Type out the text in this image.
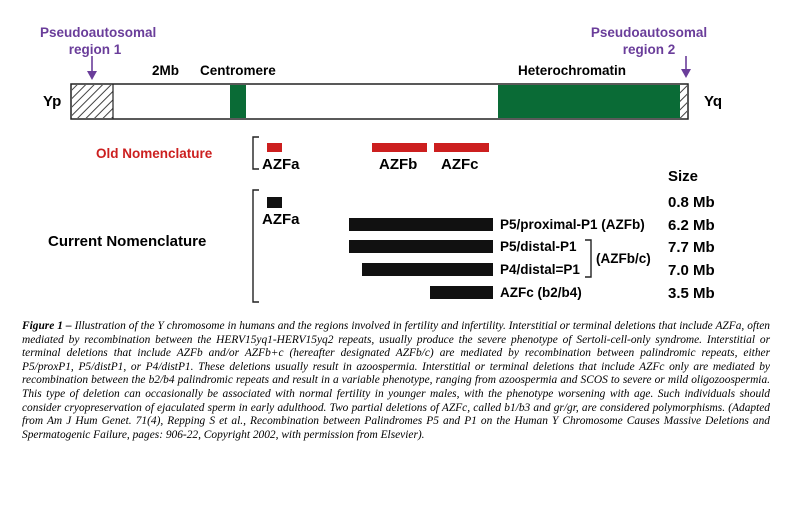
Pseudoautosomal
region 1
Pseudoautosomal
region 2
2Mb Centromere	Heterochromatin
Yp	Yq
Old Nomenclature
AZFa	AZFb AZFc
Current Nomenclature
Size
AZFa	P5/proximal-P1 (AZFb)
P5/distal-P1
P4/distal=P1
AZFc (b2/b4)
(AZFb/c)
0.8 Mb
6.2 Mb
7.7 Mb
7.0 Mb
3.5 Mb
Figure 1 – Illustration of the Y chromosome in humans and the regions involved in fertility and infertility. Interstitial or terminal deletions that include AZFa, often mediated by recombination between the HERV15yq1-HERV15yq2 repeats, usually produce the severe phenotype of Sertoli-cell-only syndrome. Interstitial or terminal deletions that include AZFb and/or AZFb+c (hereafter designated AZFb/c) are mediated by recombination between palindromic repeats, either P5/proxP1, P5/distP1, or P4/distP1. These deletions usually result in azoospermia. Interstitial or terminal deletions that include AZFc only are mediated by recombination between the b2/b4 palindromic repeats and result in a variable phenotype, ranging from azoospermia and SCOS to severe or mild oligozoospermia. This type of deletion can occasionally be associated with normal fertility in younger males, with the phenotype worsening with age. Such individuals should consider cryopreservation of ejaculated sperm in early adulthood. Two partial deletions of AZFc, called b1/b3 and gr/gr, are considered polymorphisms. (Adapted from Am J Hum Genet. 71(4), Repping S et al., Recombination between Palindromes P5 and P1 on the Human Y Chromosome Causes Massive Deletions and Spermatogenic Failure, pages: 906-22, Copyright 2002, with permission from Elsevier).
